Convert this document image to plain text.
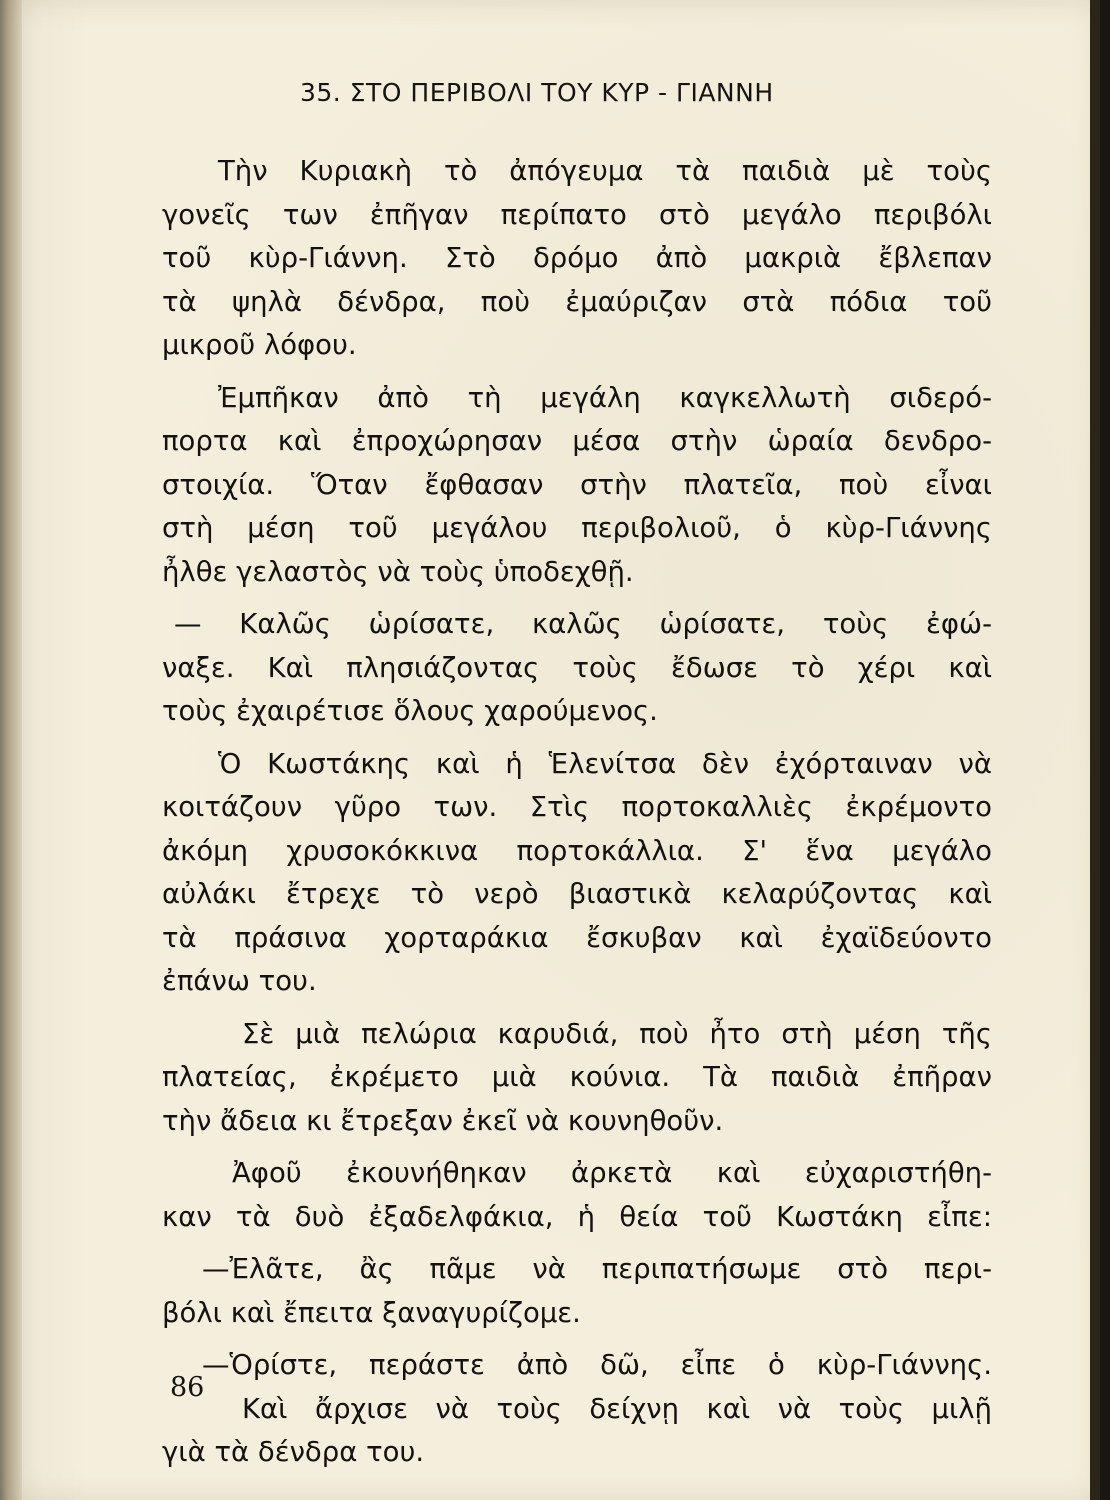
35. ΣΤΟ ΠΕΡΙΒΟΛΙ ΤΟΥ ΚΥΡ - ΓΙΑΝΝΗ
Τὴν Κυριακὴ τὸ ἀπόγευμα τὰ παιδιὰ μὲ τοὺς
γονεῖς των ἐπῆγαν περίπατο στὸ μεγάλο περιβόλι
τοῦ κὺρ-Γιάννη. Στὸ δρόμο ἀπὸ μακριὰ ἔβλεπαν
τὰ ψηλὰ δένδρα, ποὺ ἐμαύριζαν στὰ πόδια τοῦ
μικροῦ λόφου.
Ἐμπῆκαν ἀπὸ τὴ μεγάλη καγκελλωτὴ σιδερό-
πορτα καὶ ἐπροχώρησαν μέσα στὴν ὡραία δενδρο-
στοιχία. Ὅταν ἔφθασαν στὴν πλατεῖα, ποὺ εἶναι
στὴ μέση τοῦ μεγάλου περιβολιοῦ, ὁ κὺρ-Γιάννης
ἦλθε γελαστὸς νὰ τοὺς ὑποδεχθῇ.
— Καλῶς ὡρίσατε, καλῶς ὡρίσατε, τοὺς ἐφώ-
ναξε. Καὶ πλησιάζοντας τοὺς ἔδωσε τὸ χέρι καὶ
τοὺς ἐχαιρέτισε ὅλους χαρούμενος.
Ὁ Κωστάκης καὶ ἡ Ἑλενίτσα δὲν ἐχόρταιναν νὰ
κοιτάζουν γῦρο των. Στὶς πορτοκαλλιὲς ἐκρέμοντο
ἀκόμη χρυσοκόκκινα πορτοκάλλια. Σ' ἕνα μεγάλο
αὐλάκι ἔτρεχε τὸ νερὸ βιαστικὰ κελαρύζοντας καὶ
τὰ πράσινα χορταράκια ἔσκυβαν καὶ ἐχαϊδεύοντο
ἐπάνω του.
Σὲ μιὰ πελώρια καρυδιά, ποὺ ἦτο στὴ μέση τῆς
πλατείας, ἐκρέμετο μιὰ κούνια. Τὰ παιδιὰ ἐπῆραν
τὴν ἄδεια κι ἔτρεξαν ἐκεῖ νὰ κουνηθοῦν.
Ἀφοῦ ἐκουνήθηκαν ἀρκετὰ καὶ εὐχαριστήθη-
καν τὰ δυὸ ἐξαδελφάκια, ἡ θεία τοῦ Κωστάκη εἶπε:
—Ἐλᾶτε, ἂς πᾶμε νὰ περιπατήσωμε στὸ περι-
βόλι καὶ ἔπειτα ξαναγυρίζομε.
—Ὁρίστε, περάστε ἀπὸ δῶ, εἶπε ὁ κὺρ-Γιάννης.
Καὶ ἄρχισε νὰ τοὺς δείχνῃ καὶ νὰ τοὺς μιλῇ
γιὰ τὰ δένδρα του.
86
